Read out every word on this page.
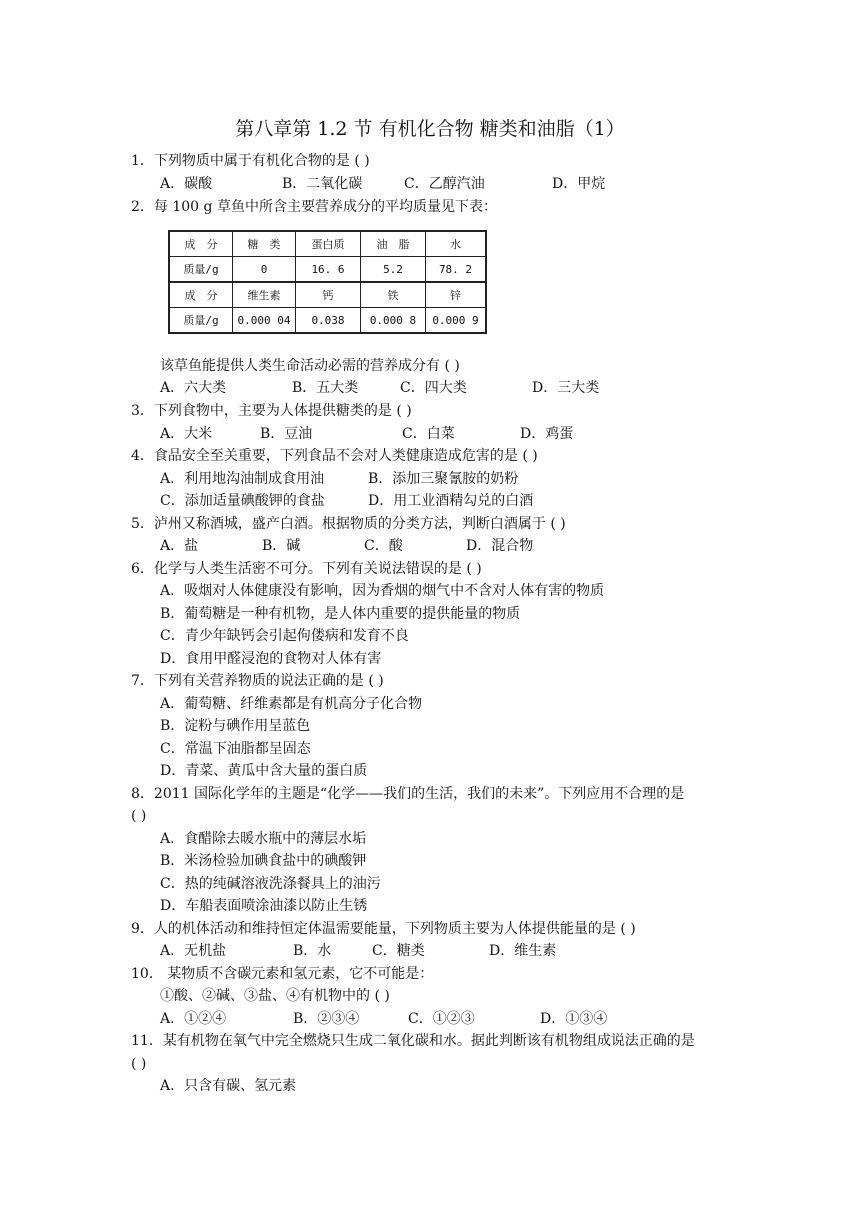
第八章第 1.2 节 有机化合物 糖类和油脂（1）
1．下列物质中属于有机化合物的是 ( )
A．碳酸	B．二氧化碳	C．乙醇汽油	D．甲烷
2．每 100 g 草鱼中所含主要营养成分的平均质量见下表：
成　分	糖　类	蛋白质	油　脂	水
质量/g	0	16. 6	5.2	78. 2
成　分	维生素	钙	铁	锌
质量/g	0.000 04	0.038	0.000 8	0.000 9
该草鱼能提供人类生命活动必需的营养成分有 ( )
A．六大类	B．五大类	C．四大类	D．三大类
3．下列食物中，主要为人体提供糖类的是 ( )
A．大米	B．豆油	C．白菜	D．鸡蛋
4．食品安全至关重要，下列食品不会对人类健康造成危害的是 ( )
A．利用地沟油制成食用油	B．添加三聚氰胺的奶粉
C．添加适量碘酸钾的食盐	D．用工业酒精勾兑的白酒
5．泸州又称酒城，盛产白酒。根据物质的分类方法，判断白酒属于 ( )
A．盐	B．碱	C．酸	D．混合物
6．化学与人类生活密不可分。下列有关说法错误的是 ( )
A．吸烟对人体健康没有影响，因为香烟的烟气中不含对人体有害的物质
B．葡萄糖是一种有机物，是人体内重要的提供能量的物质
C．青少年缺钙会引起佝偻病和发育不良
D．食用甲醛浸泡的食物对人体有害
7．下列有关营养物质的说法正确的是 ( )
A．葡萄糖、纤维素都是有机高分子化合物
B．淀粉与碘作用呈蓝色
C．常温下油脂都呈固态
D．青菜、黄瓜中含大量的蛋白质
8．2011 国际化学年的主题是“化学——我们的生活，我们的未来”。下列应用不合理的是
( )
A．食醋除去暖水瓶中的薄层水垢
B．米汤检验加碘食盐中的碘酸钾
C．热的纯碱溶液洗涤餐具上的油污
D．车船表面喷涂油漆以防止生锈
9．人的机体活动和维持恒定体温需要能量，下列物质主要为人体提供能量的是 ( )
A．无机盐	B．水	C．糖类	D．维生素
10． 某物质不含碳元素和氢元素，它不可能是：
①酸、②碱、③盐、④有机物中的 ( )
A．①②④	B．②③④	C．①②③	D．①③④
11．某有机物在氧气中完全燃烧只生成二氧化碳和水。据此判断该有机物组成说法正确的是
( )
A．只含有碳、氢元素
